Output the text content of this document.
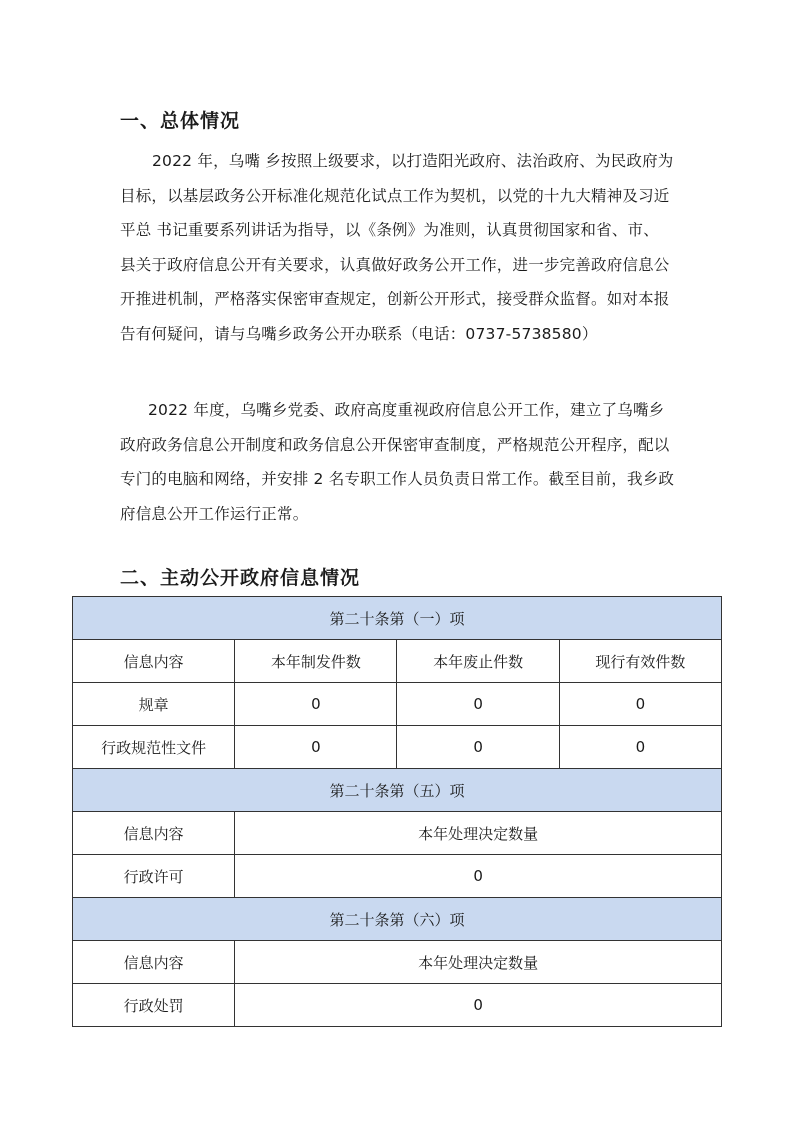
一、总体情况
2022 年，乌嘴 乡按照上级要求，以打造阳光政府、法治政府、为民政府为
目标，以基层政务公开标准化规范化试点工作为契机，以党的十九大精神及习近
平总 书记重要系列讲话为指导，以《条例》为准则，认真贯彻国家和省、市、
县关于政府信息公开有关要求，认真做好政务公开工作，进一步完善政府信息公
开推进机制，严格落实保密审查规定，创新公开形式，接受群众监督。如对本报
告有何疑问，请与乌嘴乡政务公开办联系（电话：0737-5738580）
2022 年度，乌嘴乡党委、政府高度重视政府信息公开工作，建立了乌嘴乡
政府政务信息公开制度和政务信息公开保密审查制度，严格规范公开程序，配以
专门的电脑和网络，并安排 2 名专职工作人员负责日常工作。截至目前，我乡政
府信息公开工作运行正常。
二、主动公开政府信息情况
第二十条第（一）项			
信息内容	本年制发件数	本年废止件数	现行有效件数
规章	0	0	0
行政规范性文件	0	0	0
第二十条第（五）项			
信息内容	本年处理决定数量		
行政许可	0		
第二十条第（六）项			
信息内容	本年处理决定数量		
行政处罚	0		
